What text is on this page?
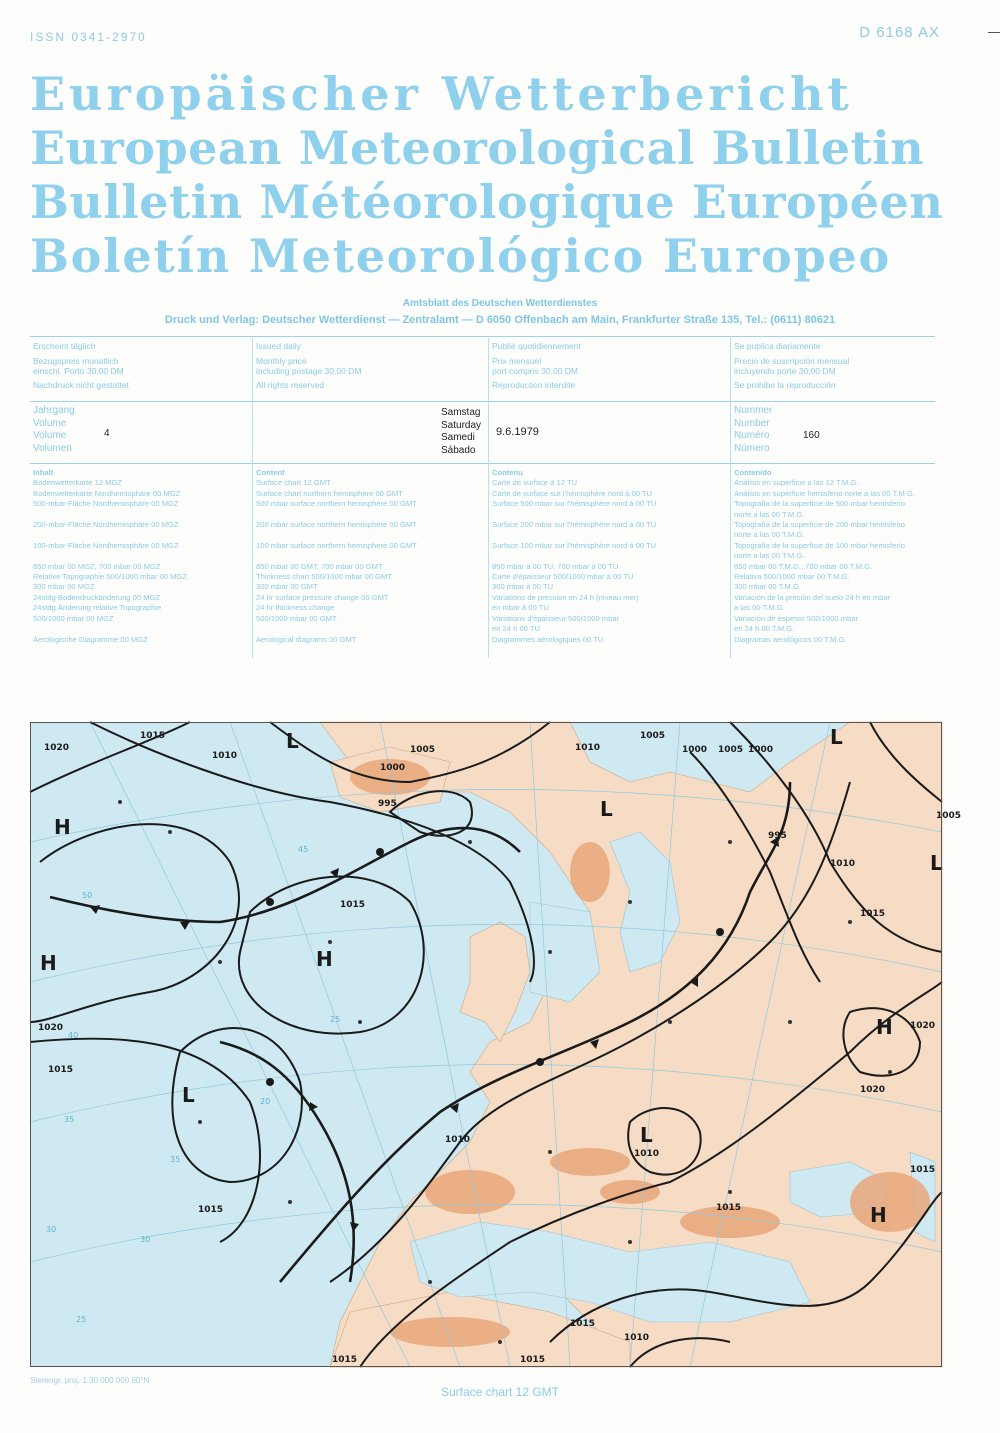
ISSN 0341-2970	D 6168 AX
Europäischer Wetterbericht
European Meteorological Bulletin
Bulletin Météorologique Européen
Boletín Meteorológico Europeo
Amtsblatt des Deutschen Wetterdienstes
Druck und Verlag: Deutscher Wetterdienst — Zentralamt — D 6050 Offenbach am Main, Frankfurter Straße 135, Tel.: (0611) 80621
Erscheint täglich
Bezugspreis monatlich
einschl. Porto 30,00 DM
Nachdruck nicht gestattet
Issued daily
Monthly price
including postage 30,00 DM
All rights reserved
Publié quotidiennement
Prix mensuel
port compris 30,00 DM
Reproduction interdite
Se publica diariamente
Precio de suscripción mensual
incluyendo porte 30,00 DM
Se prohibe la reproducción
Jahrgang
Volume
Volume
Volumen
4
Samstag
Saturday
Samedi
Sábado
9.6.1979
Nummer
Number
Numéro
Número
160
Inhalt
Bodenwetterkarte 12 MGZ
Bodenwetterkarte Nordhemisphäre 00 MGZ
500-mbar-Fläche Nordhemisphäre 00 MGZ

200-mbar-Fläche Nordhemisphäre 00 MGZ

100-mbar-Fläche Nordhemisphäre 00 MGZ

850 mbar 00 MGZ, 700 mbar 00 MGZ
Relative Topographie 500/1000 mbar 00 MGZ
300 mbar 00 MGZ
24stdg Bodendruckänderung 00 MGZ
24stdg Änderung relative Topographie
500/1000 mbar 00 MGZ

Aerologische Diagramme 00 MGZ
Content
Surface chart 12 GMT
Surface chart northern hemisphere 00 GMT
500 mbar surface northern hemisphere 00 GMT

200 mbar surface northern hemisphere 00 GMT

100 mbar surface northern hemisphere 00 GMT

850 mbar 00 GMT, 700 mbar 00 GMT
Thickness chart 500/1000 mbar 00 GMT
300 mbar 00 GMT
24 hr surface pressure change 00 GMT
24 hr thickness change
500/1000 mbar 00 GMT

Aerological diagrams 00 GMT
Contenu
Carte de surface à 12 TU
Carte de surface sur l'hémisphère nord à 00 TU
Surface 500 mbar sur l'hémisphère nord à 00 TU

Surface 200 mbar sur l'hémisphère nord à 00 TU

Surface 100 mbar sur l'hémisphère nord à 00 TU

850 mbar à 00 TU, 700 mbar à 00 TU
Carte d'épaisseur 500/1000 mbar à 00 TU
300 mbar à 00 TU
Variations de pression en 24 h (niveau mer)
en mbar à 00 TU
Variations d'épaisseur 500/1000 mbar
en 24 h 00 TU
Diagrammes aérologiques 00 TU
Contenido
Análisis en superficie a las 12 T.M.G.
Análisis en superficie hemisferio norte a las 00 T.M.G.
Topografía de la superficie de 500 mbar hemisferio
norte a las 00 T.M.G.
Topografía de la superficie de 200 mbar hemisferio
norte a las 00 T.M.G.
Topografía de la superficie de 100 mbar hemisferio
norte a las 00 T.M.G.
850 mbar 00 T.M.G., 700 mbar 00 T.M.G.
Relativa 500/1000 mbar 00 T.M.G.
300 mbar 00 T.M.G.
Variación de la presión del suelo 24 h en mbar
a las 00 T.M.G.
Variación de espesor 500/1000 mbar
en 24 h 00 T.M.G.
Diagramas aerológicos 00 T.M.G.
1020
1015
1010
1005
1000
995
1005
1010
1015
1020
1015
1010
1000 1005
1010
1015
1020
1015
1010
1015
1020
1015
1005
1000
995
1015
1010
1015
1015
H
H	H
H
H
L
L
L
L
L
L
50
40
35
30
25
20
45
35
30
25
Stereogr. proj. 1:30 000 000 60°N
Surface chart 12 GMT
